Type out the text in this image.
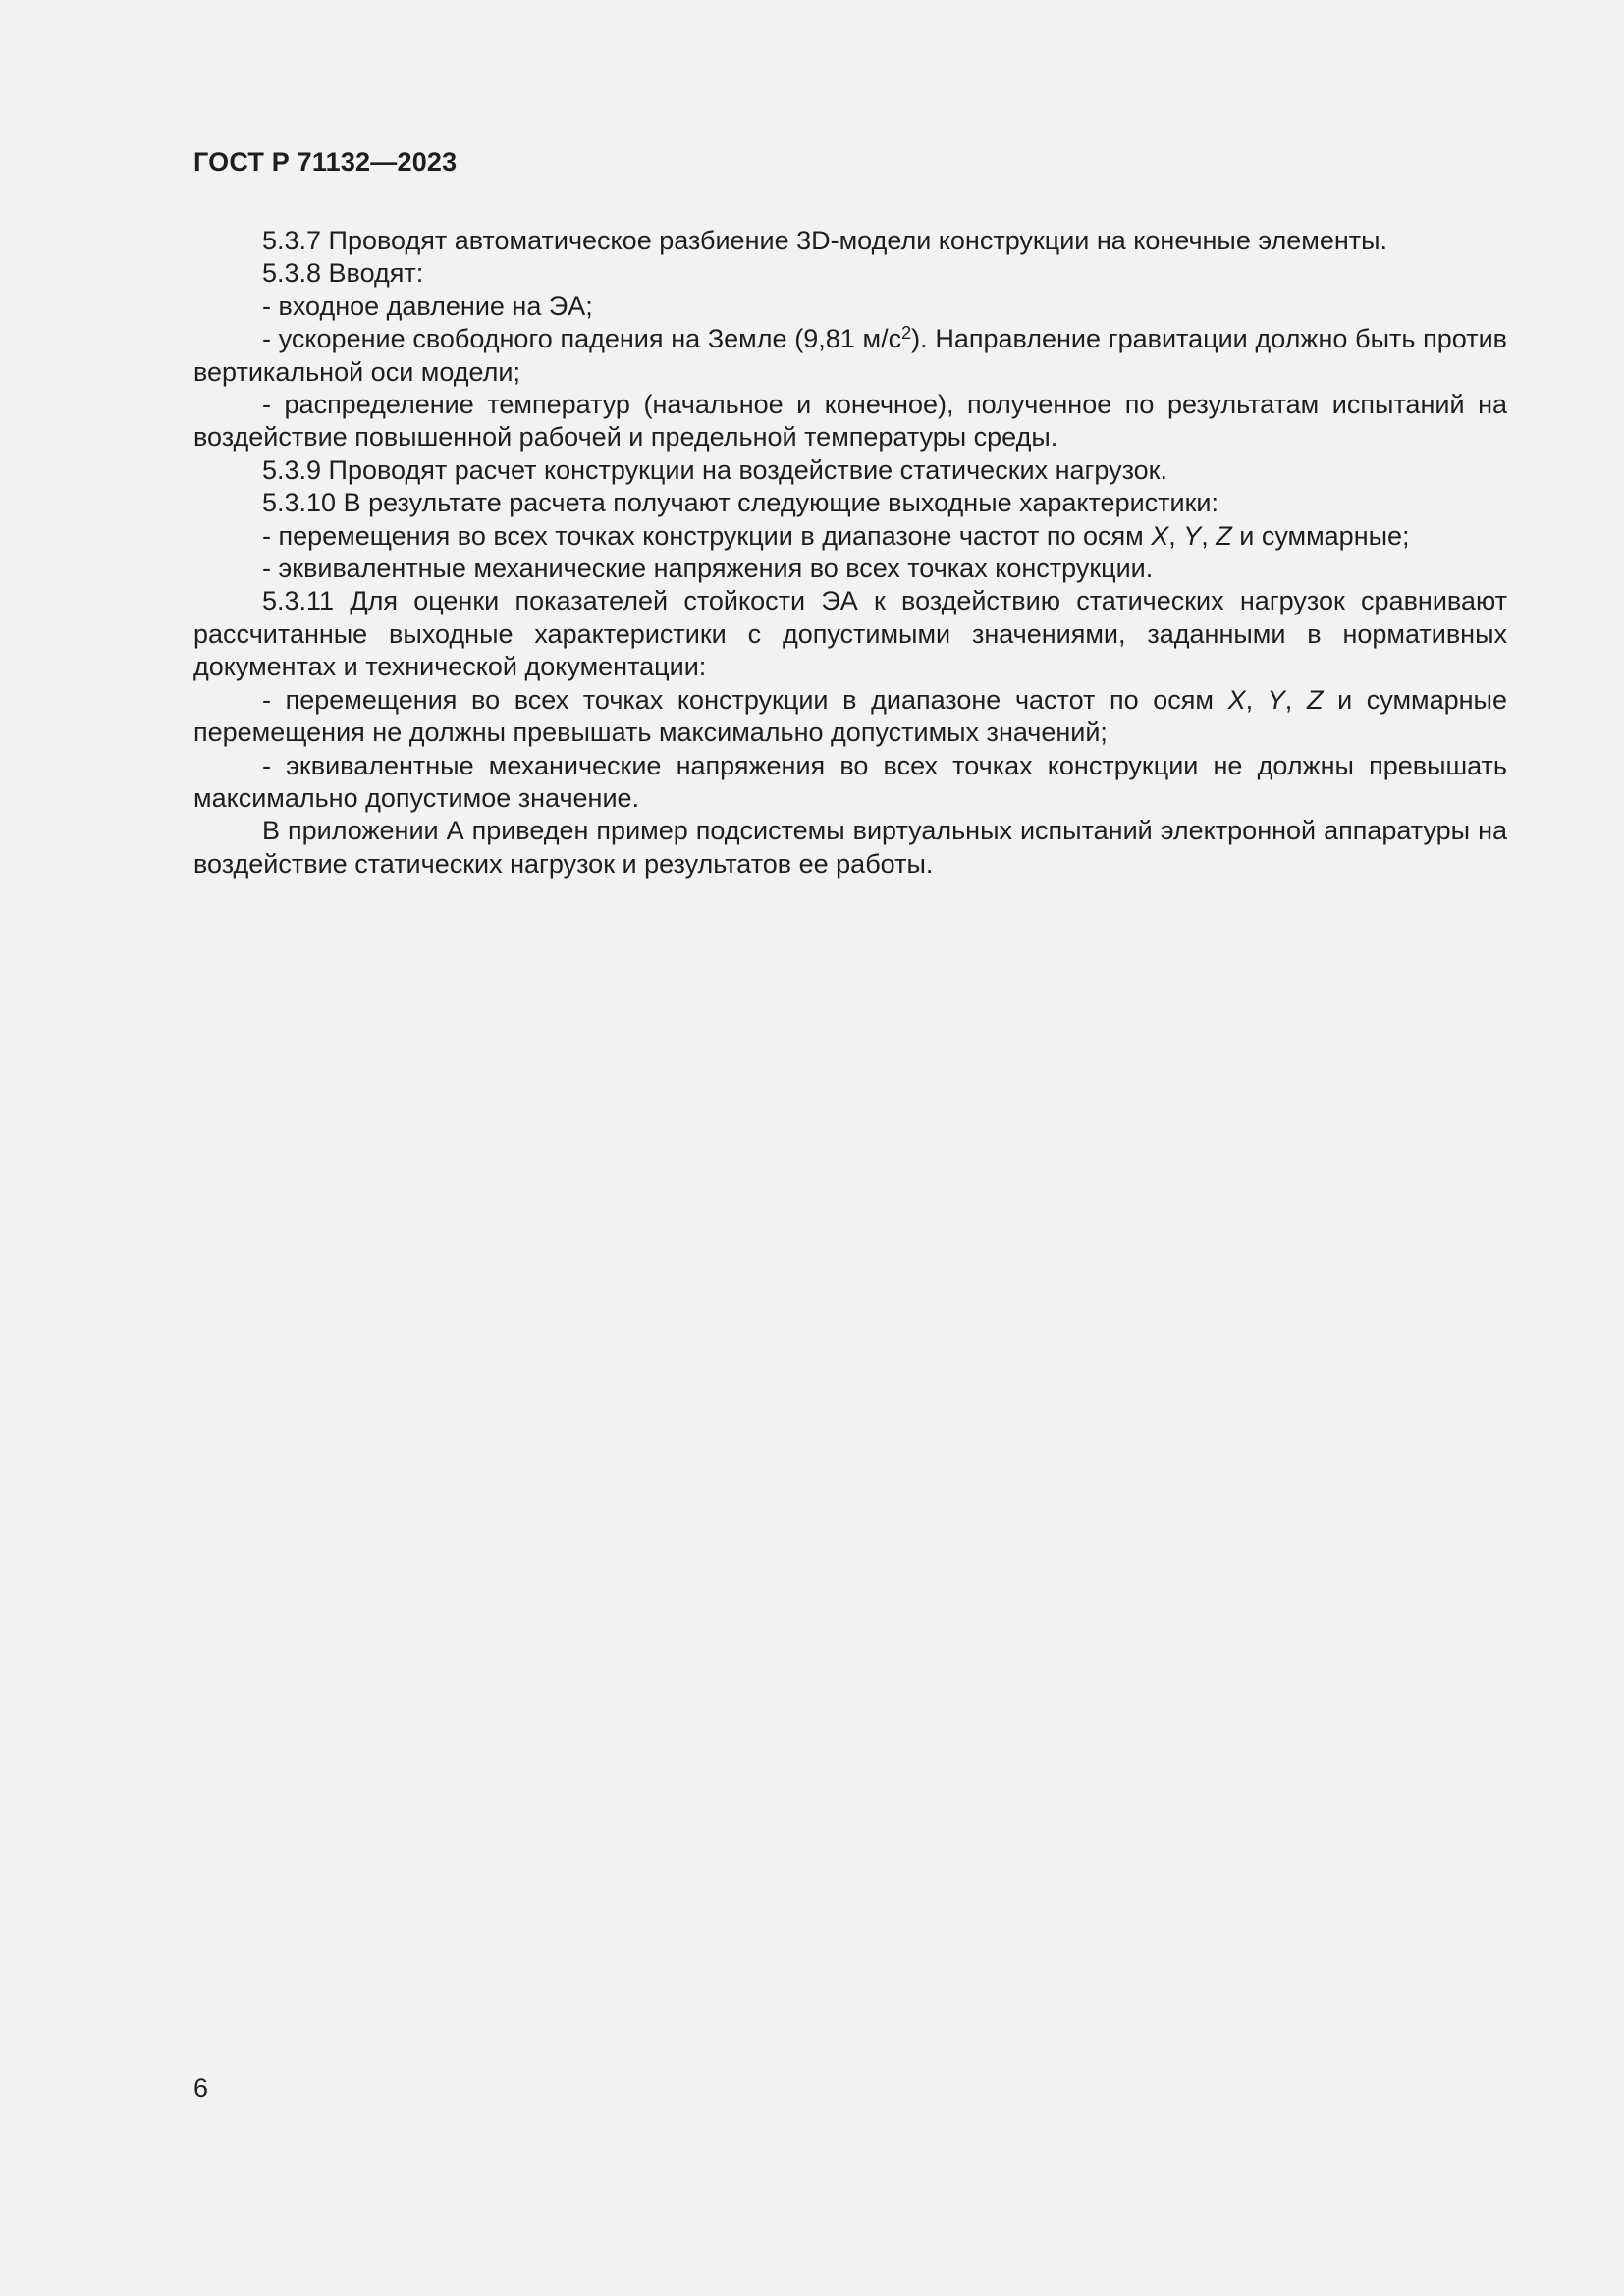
ГОСТ Р 71132—2023

5.3.7 Проводят автоматическое разбиение 3D-модели конструкции на конечные элементы.

5.3.8 Вводят:

- входное давление на ЭА;

- ускорение свободного падения на Земле (9,81 $м/с^2$). Направление гравитации должно быть против вертикальной оси модели;

- распределение температур (начальное и конечное), полученное по результатам испытаний на воздействие повышенной рабочей и предельной температуры среды.

5.3.9 Проводят расчет конструкции на воздействие статических нагрузок.

5.3.10 В результате расчета получают следующие выходные характеристики:

- перемещения во всех точках конструкции в диапазоне частот по осям X, Y, Z и суммарные;

- эквивалентные механические напряжения во всех точках конструкции.

5.3.11 Для оценки показателей стойкости ЭА к воздействию статических нагрузок сравнивают рассчитанные выходные характеристики с допустимыми значениями, заданными в нормативных документах и технической документации:

- перемещения во всех точках конструкции в диапазоне частот по осям X, Y, Z и суммарные перемещения не должны превышать максимально допустимых значений;

- эквивалентные механические напряжения во всех точках конструкции не должны превышать максимально допустимое значение.

В приложении А приведен пример подсистемы виртуальных испытаний электронной аппаратуры на воздействие статических нагрузок и результатов ее работы.

6
